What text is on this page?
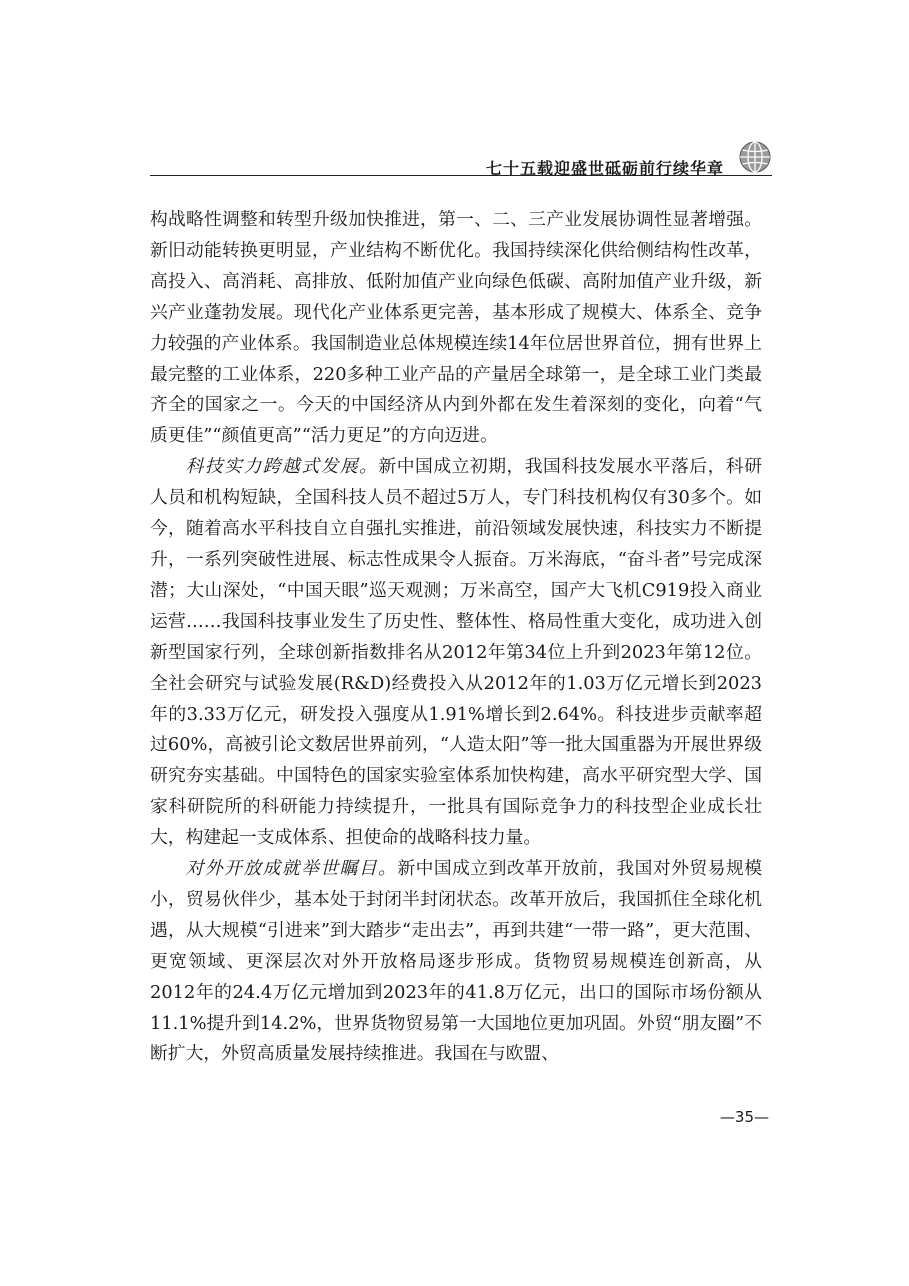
七十五载迎盛世砥砺前行续华章

构战略性调整和转型升级加快推进，第一、二、三产业发展协调性显著增强。新旧动能转换更明显，产业结构不断优化。我国持续深化供给侧结构性改革，高投入、高消耗、高排放、低附加值产业向绿色低碳、高附加值产业升级，新兴产业蓬勃发展。现代化产业体系更完善，基本形成了规模大、体系全、竞争力较强的产业体系。我国制造业总体规模连续14年位居世界首位，拥有世界上最完整的工业体系，220多种工业产品的产量居全球第一，是全球工业门类最齐全的国家之一。今天的中国经济从内到外都在发生着深刻的变化，向着“气质更佳”“颜值更高”“活力更足”的方向迈进。

科技实力跨越式发展。新中国成立初期，我国科技发展水平落后，科研人员和机构短缺，全国科技人员不超过5万人，专门科技机构仅有30多个。如今，随着高水平科技自立自强扎实推进，前沿领域发展快速，科技实力不断提升，一系列突破性进展、标志性成果令人振奋。万米海底，“奋斗者”号完成深潜；大山深处，“中国天眼”巡天观测；万米高空，国产大飞机C919投入商业运营……我国科技事业发生了历史性、整体性、格局性重大变化，成功进入创新型国家行列，全球创新指数排名从2012年第34位上升到2023年第12位。全社会研究与试验发展(R&D)经费投入从2012年的1.03万亿元增长到2023年的3.33万亿元，研发投入强度从1.91%增长到2.64%。科技进步贡献率超过60%，高被引论文数居世界前列，“人造太阳”等一批大国重器为开展世界级研究夯实基础。中国特色的国家实验室体系加快构建，高水平研究型大学、国家科研院所的科研能力持续提升，一批具有国际竞争力的科技型企业成长壮大，构建起一支成体系、担使命的战略科技力量。

对外开放成就举世瞩目。新中国成立到改革开放前，我国对外贸易规模小，贸易伙伴少，基本处于封闭半封闭状态。改革开放后，我国抓住全球化机遇，从大规模“引进来”到大踏步“走出去”，再到共建“一带一路”，更大范围、更宽领域、更深层次对外开放格局逐步形成。货物贸易规模连创新高，从2012年的24.4万亿元增加到2023年的41.8万亿元，出口的国际市场份额从11.1%提升到14.2%，世界货物贸易第一大国地位更加巩固。外贸“朋友圈”不断扩大，外贸高质量发展持续推进。我国在与欧盟、

—35—
